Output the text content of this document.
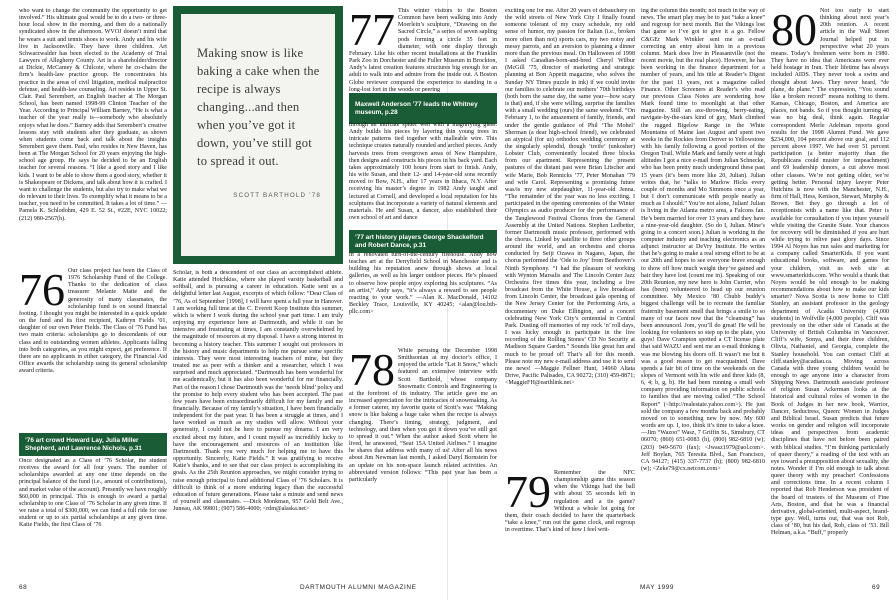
who want to change the community the opportunity to get involved.” His ultimate goal would be to do a two- or three-hour local show in the morning, and then do a nationally syndicated show in the afternoon. WVOJ doesn’t mind that he wears a suit and tennis shoes to work. Andy and his wife live in Jacksonville. They have three children. Art Schwarzwalder has been elected to the Academy of Trial Lawyers of Allegheny County. Art is a shareholder/director at Dickie, McCamey & Chilcote, where he co-chairs the firm’s health-law practice group. He concentrates his practice in the areas of civil litigation, medical malpractice defense, and health-law counseling. Art resides in Upper St. Clair. Paul Serembert, an English teacher at The Morgan School, has been named 1998-99 Clinton Teacher of the Year. According to Principal William Barney, “He is what a teacher of the year really is—somebody who absolutely enjoys what he does.” Barney adds that Serembert’s creative lessons stay with students after they graduate, as shown when students come back and talk about the insights Serembert gave them. Paul, who resides in New Haven, has been at The Morgan School for 20 years enjoying the high-school age group. He says he decided to be an English teacher for several reasons. “I like a good story and I like kids. I want to be able to show them a good story, whether it is Shakespeare or Dickens, and talk about how it is crafted. I want to challenge the students, but also try to make what we do relevant to their lives. To exemplify what it means to be a teacher, you need to be committed. It takes a lot of time.” —Pamela K. Schlodohm, 429 E. 52 St., #22E, NYC 10022; (212) 980-2567(h).

76 Our class project has been the Class of 1976 Scholarship Fund of the College. Thanks to the dedication of class treasurer Melanie Matte and the generosity of many classmates, the scholarship fund is on sound financial footing. I thought you might be interested in a quick update on the fund and its first recipient, Kathryn Fields ’01, daughter of our own Peter Fields. The Class of ’76 Fund has two main criteria: scholarships go to descendants of our class and to outstanding women athletes. Applicants falling into both categories, as you might expect, get preference. If there are no applicants in either category, the Financial Aid Office awards the scholarship using its general scholarship award criteria.

’76 art crowd Howard Lay, Julia Miller Shepherd, and Lawrence Nichols, p.31

Once designated as a Class of ’76 Scholar, the student receives the award for all four years. The number of scholarships awarded at any one time depends on the principal balance of the fund (i.e., amount of contributions), and market value of the account). Presently we have roughly $60,000 in principal. This is enough to award a partial scholarship to one Class of ’76 Scholar in any given time. If we raise a total of $300,000, we can fund a full ride for one student or up to six partial scholarships at any given time. Katie Fields, the first Class of ’76

Making snow is like baking a cake when the recipe is always changing...and then when you’ve got it down, you’ve still got to spread it out.
SCOTT BARTHOLD ’78

Scholar, is both a descendent of our class an accomplished athlete. Katie attended Hotchkiss, where she played varsity basketball and softball, and is pursuing a career in education. Katie sent us a delightful letter last August, excerpts of which follow: “Dear Class of ’76, As of September [1998], I will have spent a full year in Hanover. I am working full time at the C. Everett Koop Institute this summer, which is where I work during the school year part time. I am truly enjoying my experience here at Dartmouth, and while it can be intensive and frustrating at times, I am constantly overwhelmed by the magnitude of resources at my disposal. I have a strong interest in becoming a history teacher. This summer I sought out professors in the history and music departments to help me pursue some specific interests. They were most interesting teachers of mine, but they treated me as peer with a thinker and a researcher, which I was surprised and much appreciated. “Dartmouth has been wonderful for me academically, but it has also been wonderful for me financially. Part of the reason I chose Dartmouth was the ‘needs blind’ policy and the promise to help every student who has been accepted. The past few years have been extraordinarily difficult for my family and me financially. Because of my family’s situation, I have been financially independent for the past year. It has been a struggle at times, and I have worked as much as my studies will allow. Without your generosity, I could not be here to pursue my dreams. I am very excited about my future, and I count myself as incredibly lucky to have the encouragement and resources of an institution like Dartmouth. Thank you very much for helping me to have this opportunity. Sincerely, Katie Fields.” It was gratifying to receive Katie’s thanks, and to see that our class project is accomplishing its goals. As the 25th Reunion approaches, we might consider trying to raise enough principal to fund additional Class of ’76 Scholars. It is difficult to think of a more enduring legacy than the successful education of future generations. Please take a minute and send news of yourself and classmates. —Dick Monkman, 957 Gold Belt Ave., Juneau, AK 99801; (907) 586-4000; <rdm@alaska.net>

77 This winter visitors to the Boston Common have been walking into Andy Moerlein’s sculpture, “Drawing on the Sacred Circle,” a series of seven sapling pods forming a circle 35 feet in diameter, with one display through February. Like his other recent installations at the Franklin Park Zoo in Dorchester and the Fuller Museum in Brockton, Andy’s latest creation features structures big enough for an adult to walk into and admire from the inside out. A Boston Globe reviewer compared the experience to standing in a long-lost fort in the woods or peering

Maxwell Anderson ’77 leads the Whitney museum, p.28

through an intricate spider web with a magnifying glass. Andy builds his pieces by layering thin young trees in intricate patterns tied together with malleable wire. This technique creates naturally rounded and arched pieces. Andy harvests trees from overgrown areas of New Hampshire, then designs and constructs his pieces in his back yard. Each takes approximately 100 hours from start to finish. Andy, his wife Susan, and their 12- and 14-year-old sons recently moved to Bow, N.H., after 17 years in Ithaca, N.Y. After receiving his master’s degree in 1982 Andy taught and lectured at Cornell, and developed a local reputation for his sculptures that incorporate a variety of natural elements and materials. He and Susan, a dancer, also established their own school of art and dance

’77 art history players George Shackelford and Robert Dance, p.31

in a renovated turn-of-the-century firehouse. Andy now teaches art at the Derryfield School in Manchester and is building his reputation anew through shows at local galleries, as well as his larger outdoor pieces. He’s pleased to observe how people enjoy exploring his sculptures. “As an artist,” Andy says, “it’s always a reward to see people reacting to your work.” —Alan K. MacDonald, 14102 Beckley Trace, Louisville, KY 40245; <alan@lou.bth-pllc.com>

78 While perusing the December 1998 Smithsonian at my doctor’s office, I enjoyed the article “Let It Snow,” which featured an extensive interview with Scott Barthold, whose company Snowmatic Controls and Engineering is at the forefront of its industry. The article gave me an increased appreciation for the intricacies of snowmaking. As a former caterer, my favorite quote of Scott’s was: “Making snow is like baking a huge cake when the recipe is always changing. There’s timing, strategy, judgment, and technology, and then when you get it down you’ve still got to spread it out.” When the author asked Scott where he lived, he answered, “Seat 15A United Airlines.” I imagine he shares that address with many of us! After all his news about Jim Newman last month, I asked Daryl Bornstein for an update on his non-space launch related activities. An abbreviated version follows: “This past year has been a particularly

exciting one for me. After 20 years of debauchery on the wild streets of New York City I finally found someone tolerant of my crazy schedule, my odd sense of humor, my passion for Italian (i.e., broken more often than not) sports cars, my two noisy and messy parrots, and an aversion to planning a dinner more than the previous meal. On Halloween of 1998 I asked Canadian-born-and-bred Cheryl Wilbur (McGill ’75, director of marketing and strategic planning at Bon Appetit magazine, who solves the Sunday NY Times puzzle in ink) if we could invite our families to celebrate our mothers’ 70th birthdays (both born the same day, the same year—how scary is that) and, if she were willing, surprise the families with a small wedding (ours) the same weekend. “On February 1, to the amazement of family, friends, and under the gentle guidance of Phil ‘The Mohel’ Sherman (a dear high-school friend), we celebrated an atypical (for us) orthodox wedding ceremony at the singularly splendid, though ‘treife’ (unkosher) Lobster Club, conveniently located three blocks from our apartment. Representing the present pastures of the distant past were Brian Litscher and wife Marie, Bob Rennicks ’77, Peter Monahan ’79 and wife Carol. Representing a promising future was/is my new stepdaughter, 11-year-old Jenna. “The remainder of the year was no less exciting. I participated in the opening ceremonies of the Winter Olympics as audio producer for the performance of the Tanglewood Festival Chorus from the General Assembly at the United Nations. Stephen Ledbetter, former Dartmouth music professor, performed with the chorus. Linked by satellite to three other groups around the world, and an orchestra and chorus conducted by Seiji Ozawa in Nagano, Japan, the chorus performed the ‘Ode to Joy’ from Beethoven’s Ninth Symphony. “I had the pleasure of working with Wynton Marsalis and The Lincoln Center Jazz Orchestra five times this year, including a live broadcast from the White House, a live broadcast from Lincoln Center, the broadcast gala opening of the New Jersey Center for the Performing Arts, a documentary on Duke Ellington, and a concert celebrating New York City’s centennial in Central Park. Dusting off memories of my rock ’n’ roll days, I was lucky enough to participate in the live recording of the Rolling Stones’ CD No Security at Madison Square Garden.” Sounds like great fun and much to be proud of! That’s all for this month. Please note my new e-mail address and use it to send me news! —Maggie Fellner Hunt, 14960 Altata Drive, Pacific Palisades, CA 90272; (310) 459-8871; <MaggieFH@earthlink.net>

79 Remember the NFC championship game this season when the Vikings had the ball with about 35 seconds left in regulation and a tie game? Without a whole lot going for them, their coach decided to have the quarterback “take a knee,” run out the game clock, and regroup in overtime. That’s kind of how I feel writ-

ing the column this month; not much in the way of news. The smart play may be to just “take a knee” and regroup for next month. But the Vikings lost that game so I’ve got to give it a go. Fellow C&GEr Mark Winkler sent me an e-mail correcting an entry about him in a previous column. Mark does live in Pleasantville (not the recent movie, but the real place). However, he has been working in the finance department for a number of years, and his title at Reader’s Digest for the past 11 years, not a magazine called Finance. Other Screeners at Reader’s who read our previous Class Notes are wondering how Mark found time to moonlight at that other magazine. Still an axe-throwing, berry-eating, navigate-by-the-stars kind of guy, Mark climbed the rugged Bigelow Range in the White Mountains of Maine last August and spent two weeks in the Rockies from Denver to Yellowstone with his family following a good portion of the Oregon Trail. While Mark and family were at high altitudes I got a nice e-mail from Julian Schnecke, who has been pretty much underground these past 15 years (it’s been more like 20, Julian). Julian writes that, he “talks to Marlow Hicks every couple of months and Mo Simmons once a year, but I don’t communicate with people nearly as much as I should.” You’re not alone, Julian! Julian is living in the Atlanta metro area, a Falcons fan. He’s been married for over 13 years and they have a nine-year-old daughter. (So do I, Julian. Mine’s going to a concert soon.) Julian is working in the computer industry and teaching electronics as an adjunct instructor at DeVry Institute. He writes that he’s going to make a real strong effort to be at our 20th and hopes to see everyone brave enough to show off how much weight they’ve gained and hair they have lost (count me in). Speaking of our 20th Reunion, my new hero is John Currier, who has (been) volunteered to head up our reunion committee. My Mexico ’80 Chubb buddy’s biggest challenge will be to recreate the familiar fraternity basement smell that brings a smile to so many of our faces now that the “cleansing” has been announced. Jom, you’ll do great! He will be looking for volunteers so step up to the plate, you guys! Dave Crampton spotted a CT license plate that said WAZU and sent me an e-mail thinking it was me blowing his doors off. It wasn’t me but it was a good reason to get reacquainted. Dave spends a fair bit of time on the weekends on the slopes of Vermont with his wife and three kids (8, 6, 4; b, g, b). He had been running a small web company providing information on public schools to families that are moving called “The School Report” (<http://realestate.yahoo.com>). He just sold the company a few months back and probably moved on to something new by now. My 600 words are up. I, too, think it’s time to take a knee. —Jim “Wazoo” Wasz, 7 Griffin St., Simsbury, CT 06070; (860) 651-0083 (h), (800) 982-6810 (w); (203) 949-5670 (fax); <Jwasz1979@aol.com>. Jeff Boylan, 765 Teresita Blvd., San Francisco, CA 94127; (415) 337-7737 (h); (800) 982-6810 (w); <Zeke79@cx.netcom.com>

80 Not too early to start thinking about next year’s 20th reunion. A recent article in the Wall Street Journal helped put in perspective what 20 years means. Today’s freshmen were born in 1980. They have no idea that Americans were ever held hostage in Iran. Their lifetime has always included AIDS. They never took a swim and thought about Jaws. They never heard, “de plane, de plane.” The expression, “You sound like a broken record” means nothing to them. Kansas, Chicago, Boston, and America are places, not bands. So if you thought turning 40 was no big deal, think again. Regular correspondent Merle Adelman reports good results for the 1998 Alumni Fund. We gave $234,000, 104 percent above our goal, and 112 percent above 1997. We had over 51 percent participation (a better majority than the Republicans could muster for impeachment) and 69 leadership donors, a cut above most other classes. We’re not getting older, we’re getting better. Personal injury lawyer Peter Hutchins is now with the Manchester, N.H., firm of Hall, Hess, Kenison, Stewart, Murphy & Brown. Bet they go through a lot of receptionists with a name like that. Peter is available for consultation if you injure yourself while visiting the Granite State. Your chances for recovery will be diminished if you are hurt while trying to relive past glory days. Since 1994 Al Noyes has run sales and marketing for a company called SmarterKids. If you want educational books, software, and games for your children, visit us web site at www.smarterkids.com. Who would a thunk that Noyes would be old enough to be making recommendations about how to make our kids smarter? Nova Scotia is now home to Cliff Stanley, an assistant professor in the geology department of Acadia University (4,000 students) in Wolfville (4,000 people). Cliff was previously on the other side of Canada at the University of British Columbia in Vancouver. Cliff’s wife, Sonya, and their three children, Olivia, Nathaniel, and Georgia, complete the Stanley household. You can contact Cliff at cliff.stanley@acadiau.ca. Moving across Canada with three young children would be enough to age anyone into a character from Shipping News. Dartmouth associate professor of religion Susan Ackerman looks at the historical and cultural roles of women in the Book of Judges in her new book, Warrior, Dancer, Seductress, Queen: Women in Judges and Biblical Israel. Susan predicts that future works on gender and religion will incorporate ideas and perspectives from academic disciplines that have not before been paired with biblical studies. “I’m thinking particularly of queer theory,” a reading of the text with an eye toward a presupposition about sexuality, she notes. Wonder if I’m old enough to talk about queer theory with my preacher! Confessions and corrections time. In a recent column I reported that Rob Henderson was president of the board of trustees of the Museum of Fine Arts, Boston, and that he was a financial derivative, global-oriented, multi-aspect, brand-type guy. Well, turns out, that was not Rob, class of ’80, but his dad, Rob, class of ’53. Bill Helman, a.k.a. “Buff,” properly

68	DARTMOUTH ALUMNI MAGAZINE	MAY 1999	69
